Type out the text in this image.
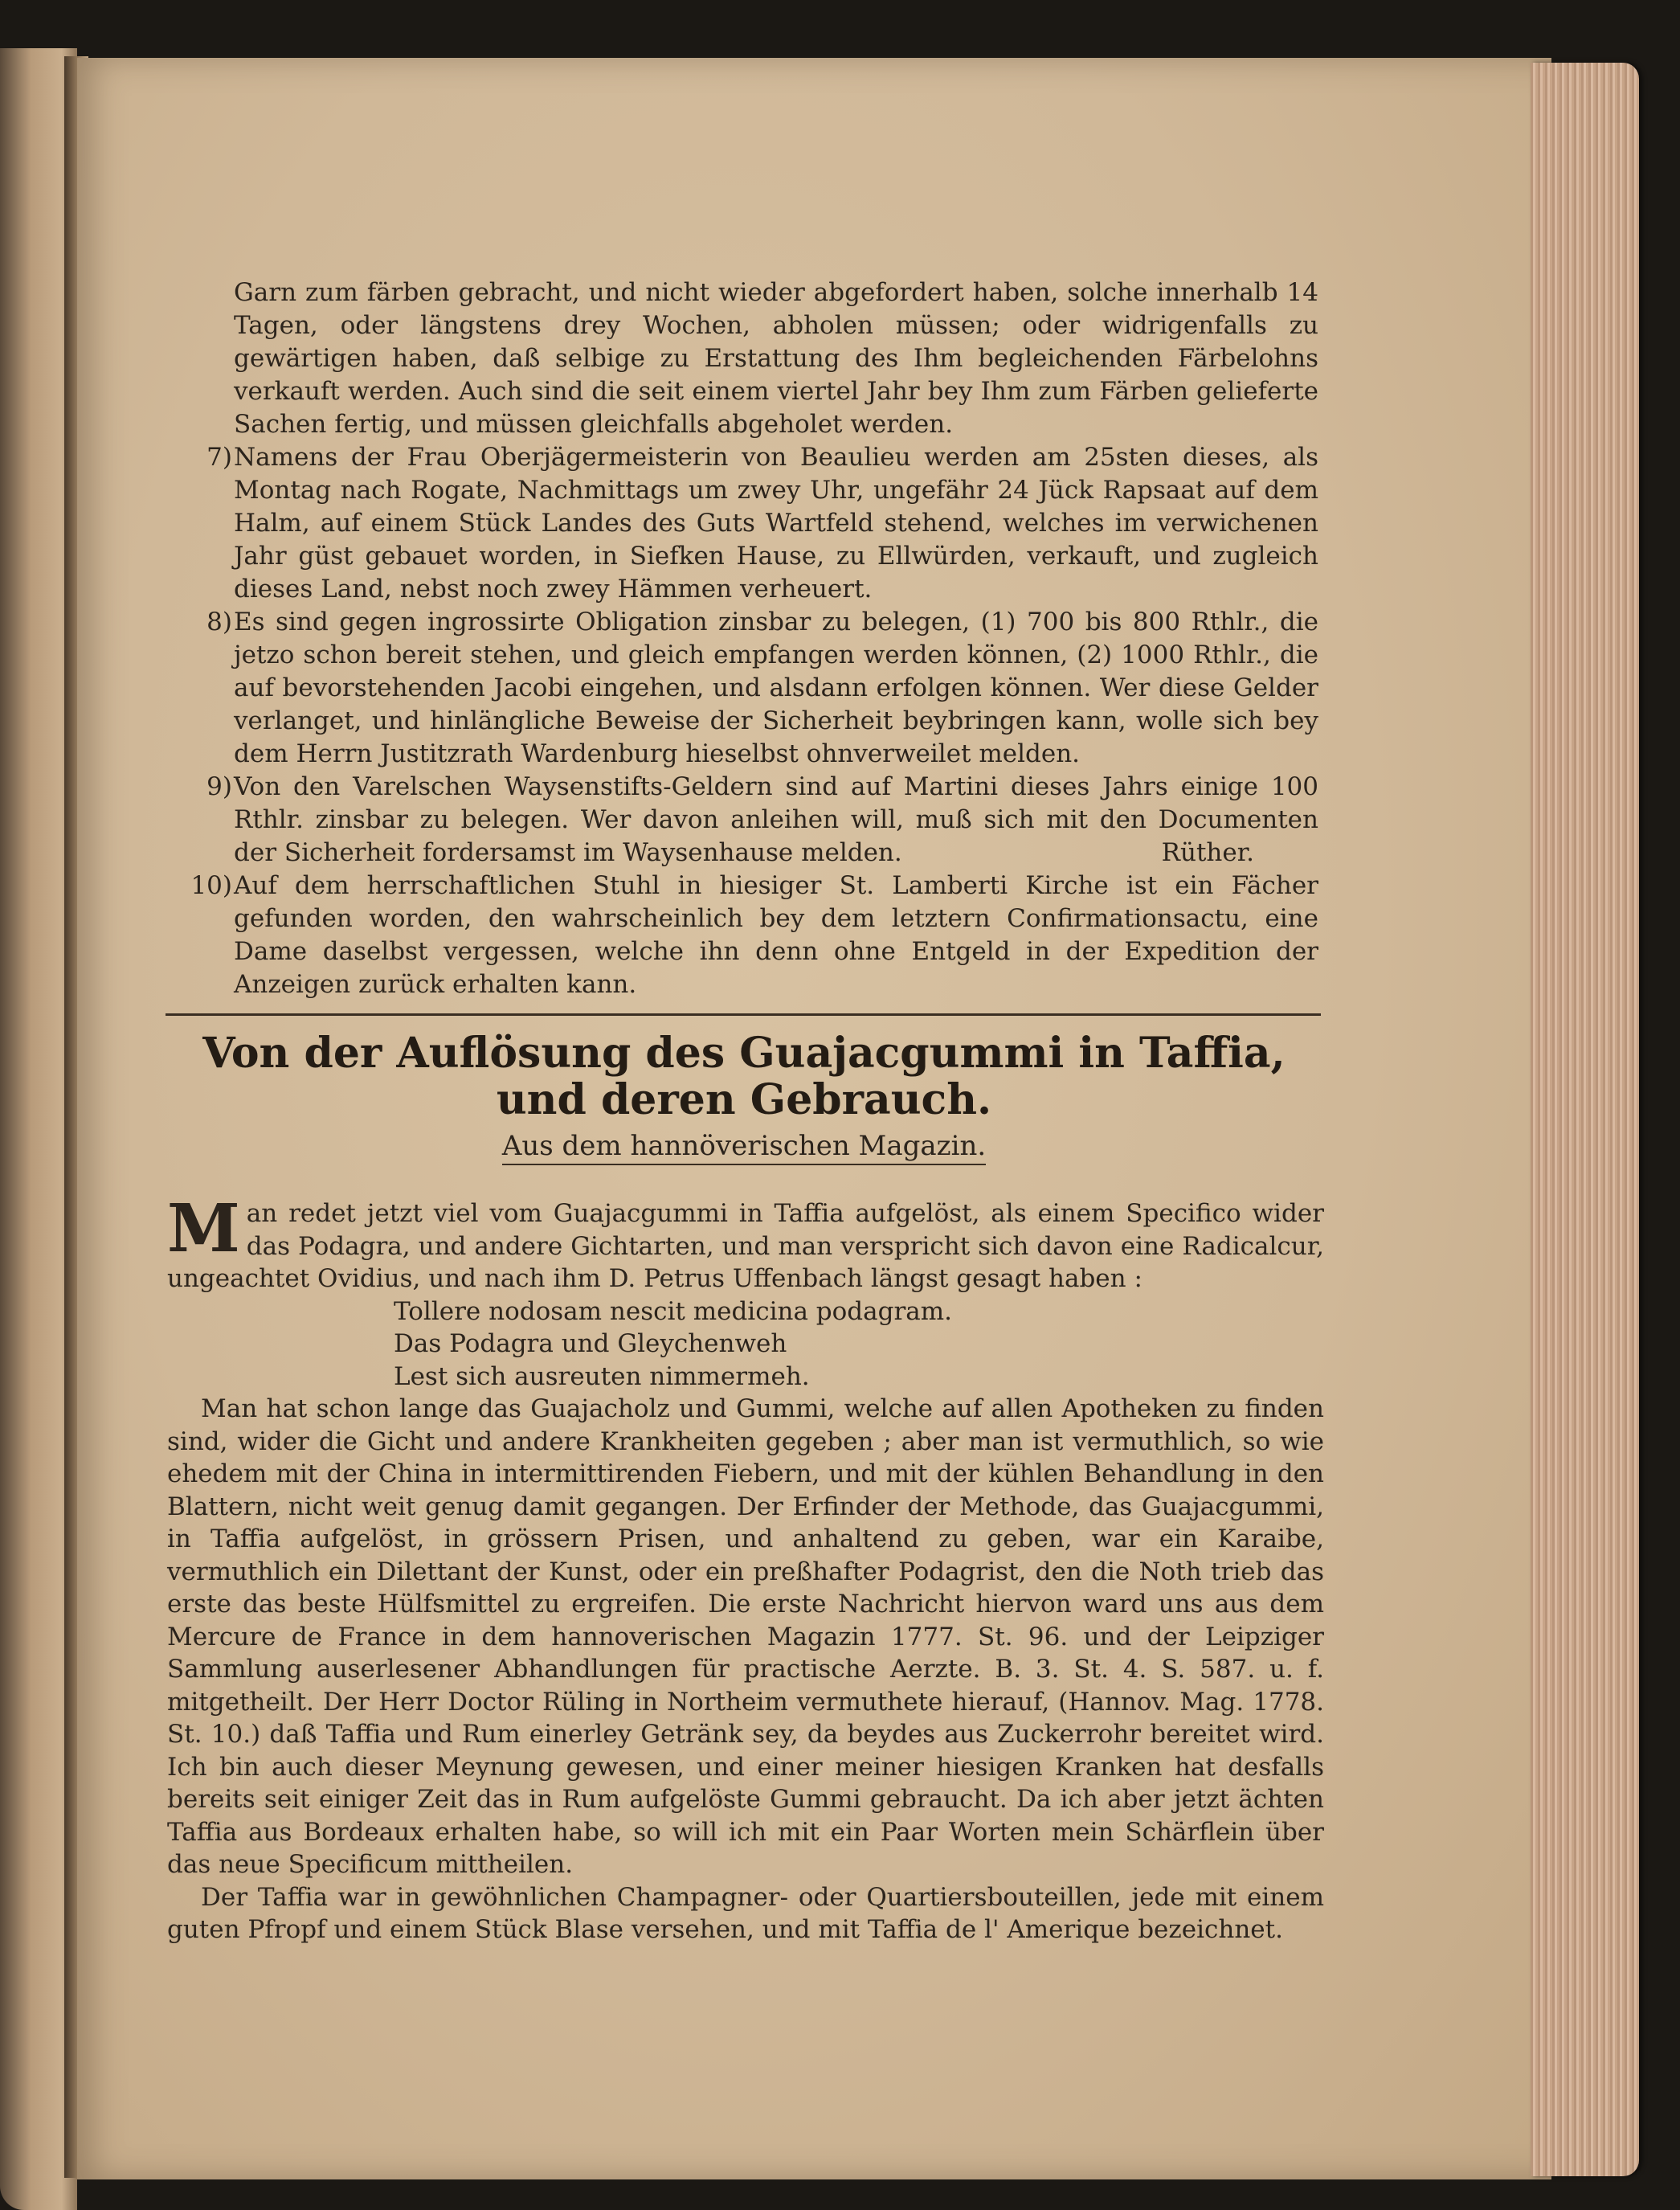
Garn zum färben gebracht, und nicht wieder abgefordert haben, solche innerhalb 14 Tagen, oder längstens drey Wochen, abholen müssen; oder widrigenfalls zu gewärtigen haben, daß selbige zu Erstattung des Ihm begleichenden Färbelohns verkauft werden. Auch sind die seit einem viertel Jahr bey Ihm zum Färben gelieferte Sachen fertig, und müssen gleichfalls abgeholet werden.
7) Namens der Frau Oberjägermeisterin von Beaulieu werden am 25sten dieses, als Montag nach Rogate, Nachmittags um zwey Uhr, ungefähr 24 Jück Rapsaat auf dem Halm, auf einem Stück Landes des Guts Wartfeld stehend, welches im verwichenen Jahr güst gebauet worden, in Siefken Hause, zu Ellwürden, verkauft, und zugleich dieses Land, nebst noch zwey Hämmen verheuert.
8) Es sind gegen ingrossirte Obligation zinsbar zu belegen, (1) 700 bis 800 Rthlr., die jetzo schon bereit stehen, und gleich empfangen werden können, (2) 1000 Rthlr., die auf bevorstehenden Jacobi eingehen, und alsdann erfolgen können. Wer diese Gelder verlanget, und hinlängliche Beweise der Sicherheit beybringen kann, wolle sich bey dem Herrn Justitzrath Wardenburg hieselbst ohnverweilet melden.
9) Von den Varelschen Waysenstifts-Geldern sind auf Martini dieses Jahrs einige 100 Rthlr. zinsbar zu belegen. Wer davon anleihen will, muß sich mit den Documenten der Sicherheit fordersamst im Waysenhause melden.	Rüther.
10) Auf dem herrschaftlichen Stuhl in hiesiger St. Lamberti Kirche ist ein Fächer gefunden worden, den wahrscheinlich bey dem letztern Confirmationsactu, eine Dame daselbst vergessen, welche ihn denn ohne Entgeld in der Expedition der Anzeigen zurück erhalten kann.
Von der Auflösung des Guajacgummi in Taffia,
und deren Gebrauch.
Aus dem hannöverischen Magazin.

Man redet jetzt viel vom Guajacgummi in Taffia aufgelöst, als einem Specifico wider das Podagra, und andere Gichtarten, und man verspricht sich davon eine Radicalcur, ungeachtet Ovidius, und nach ihm D. Petrus Uffenbach längst gesagt haben :

Tollere nodosam nescit medicina podagram.
Das Podagra und Gleychenweh
Lest sich ausreuten nimmermeh.

Man hat schon lange das Guajacholz und Gummi, welche auf allen Apotheken zu finden sind, wider die Gicht und andere Krankheiten gegeben ; aber man ist vermuthlich, so wie ehedem mit der China in intermittirenden Fiebern, und mit der kühlen Behandlung in den Blattern, nicht weit genug damit gegangen. Der Erfinder der Methode, das Guajacgummi, in Taffia aufgelöst, in grössern Prisen, und anhaltend zu geben, war ein Karaibe, vermuthlich ein Dilettant der Kunst, oder ein preßhafter Podagrist, den die Noth trieb das erste das beste Hülfsmittel zu ergreifen. Die erste Nachricht hiervon ward uns aus dem Mercure de France in dem hannoverischen Magazin 1777. St. 96. und der Leipziger Sammlung auserlesener Abhandlungen für practische Aerzte. B. 3. St. 4. S. 587. u. f. mitgetheilt. Der Herr Doctor Rüling in Northeim vermuthete hierauf, (Hannov. Mag. 1778. St. 10.) daß Taffia und Rum einerley Getränk sey, da beydes aus Zuckerrohr bereitet wird. Ich bin auch dieser Meynung gewesen, und einer meiner hiesigen Kranken hat desfalls bereits seit einiger Zeit das in Rum aufgelöste Gummi gebraucht. Da ich aber jetzt ächten Taffia aus Bordeaux erhalten habe, so will ich mit ein Paar Worten mein Schärflein über das neue Specificum mittheilen.

Der Taffia war in gewöhnlichen Champagner- oder Quartiersbouteillen, jede mit einem guten Pfropf und einem Stück Blase versehen, und mit Taffia de l' Amerique bezeichnet.
